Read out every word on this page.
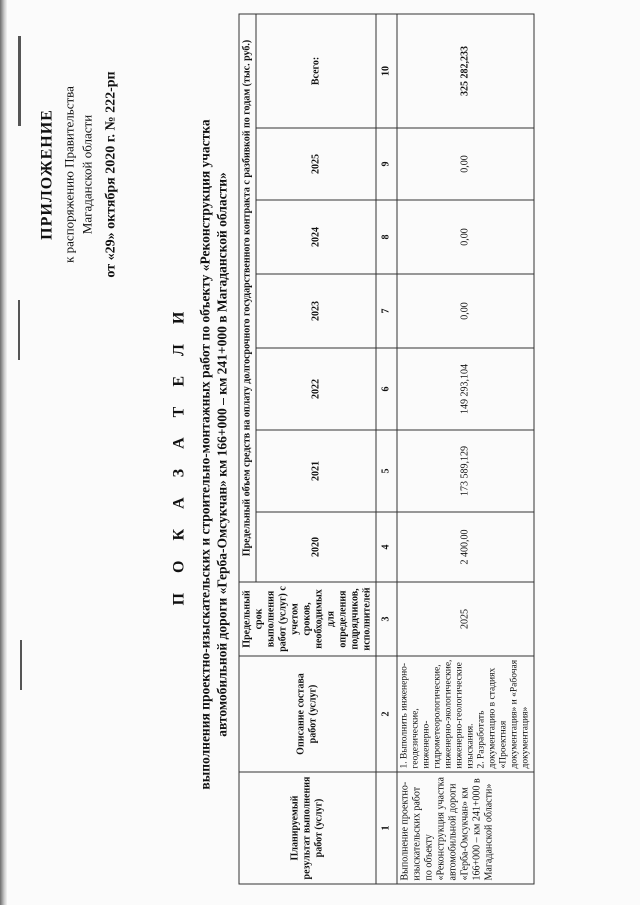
ПРИЛОЖЕНИЕ к распоряжению Правительства Магаданской области от «29» октября 2020 г. № 222-рп
П О К А З А Т Е Л И выполнения проектно-изыскательских и строительно-монтажных работ по объекту «Реконструкция участка автомобильной дороги «Герба-Омсукчан» км 166+000 – км 241+000 в Магаданской области»
Планируемый результат выполнения работ (услуг)	Описание состава работ (услуг)	Предельный срок выполнения работ (услуг) с учетом сроков, необходимых для определения подрядчиков, исполнителей	Предельный объем средств на оплату долгосрочного государственного контракта с разбивкой по годам (тыс. руб.)						
			2020	2021	2022	2023	2024	2025	Всего:
1	2	3	4	5	6	7	8	9	10
Выполнение проектно-изыскательских работ по объекту «Реконструкция участка автомобильной дороги «Герба-Омсукчан» км 166+000 – км 241+000 в Магаданской области»	1. Выполнить инженерно-геодезические, инженерно-гидрометеорологические, инженерно-экологические, инженерно-геологические изыскания. 2. Разработать документацию в стадиях «Проектная документация» и «Рабочая документация»	2025	2 400,00	173 589,129	149 293,104	0,00	0,00	0,00	325 282,233
